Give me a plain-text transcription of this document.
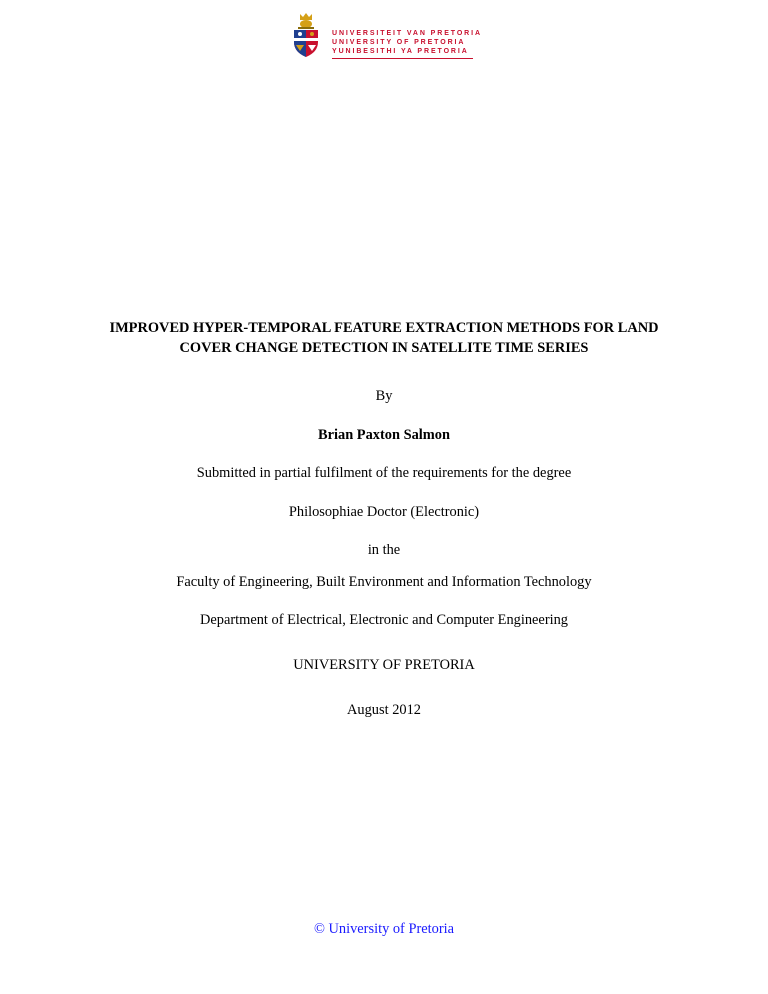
UNIVERSITEIT VAN PRETORIA
UNIVERSITY OF PRETORIA
YUNIBESITHI YA PRETORIA
IMPROVED HYPER-TEMPORAL FEATURE EXTRACTION METHODS FOR LAND
COVER CHANGE DETECTION IN SATELLITE TIME SERIES
By
Brian Paxton Salmon
Submitted in partial fulfilment of the requirements for the degree
Philosophiae Doctor (Electronic)
in the
Faculty of Engineering, Built Environment and Information Technology
Department of Electrical, Electronic and Computer Engineering
UNIVERSITY OF PRETORIA
August 2012
© University of Pretoria
